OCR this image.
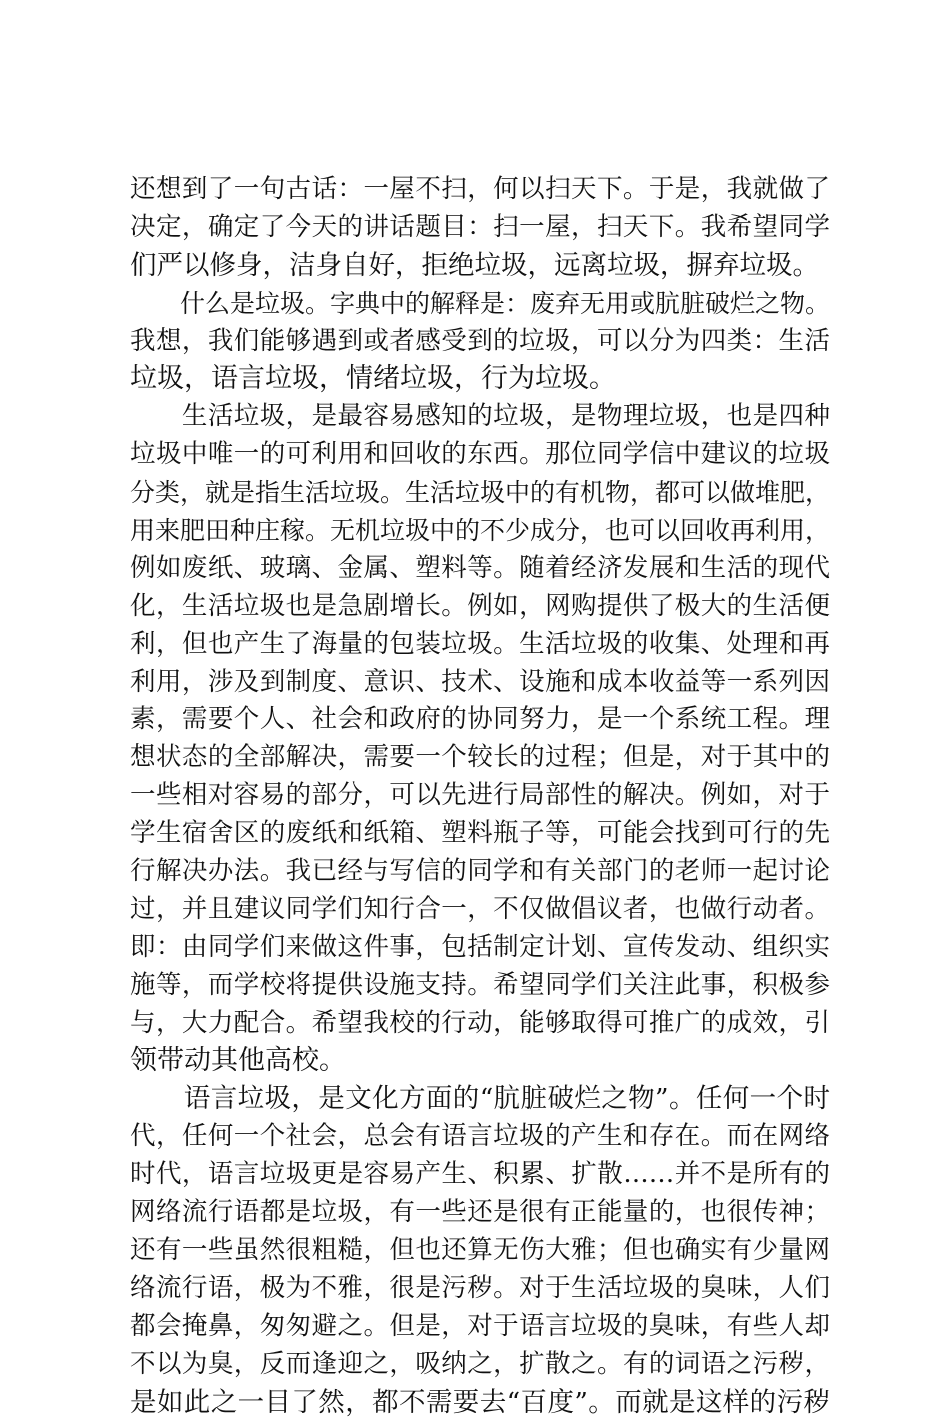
还想到了一句古话：一屋不扫，何以扫天下。于是，我就做了
决定，确定了今天的讲话题目：扫一屋，扫天下。我希望同学
们严以修身，洁身自好，拒绝垃圾，远离垃圾，摒弃垃圾。
　　什么是垃圾。字典中的解释是：废弃无用或肮脏破烂之物。
我想，我们能够遇到或者感受到的垃圾，可以分为四类：生活
垃圾，语言垃圾，情绪垃圾，行为垃圾。
　　生活垃圾，是最容易感知的垃圾，是物理垃圾，也是四种
垃圾中唯一的可利用和回收的东西。那位同学信中建议的垃圾
分类，就是指生活垃圾。生活垃圾中的有机物，都可以做堆肥，
用来肥田种庄稼。无机垃圾中的不少成分，也可以回收再利用，
例如废纸、玻璃、金属、塑料等。随着经济发展和生活的现代
化，生活垃圾也是急剧增长。例如，网购提供了极大的生活便
利，但也产生了海量的包装垃圾。生活垃圾的收集、处理和再
利用，涉及到制度、意识、技术、设施和成本收益等一系列因
素，需要个人、社会和政府的协同努力，是一个系统工程。理
想状态的全部解决，需要一个较长的过程；但是，对于其中的
一些相对容易的部分，可以先进行局部性的解决。例如，对于
学生宿舍区的废纸和纸箱、塑料瓶子等，可能会找到可行的先
行解决办法。我已经与写信的同学和有关部门的老师一起讨论
过，并且建议同学们知行合一，不仅做倡议者，也做行动者。
即：由同学们来做这件事，包括制定计划、宣传发动、组织实
施等，而学校将提供设施支持。希望同学们关注此事，积极参
与，大力配合。希望我校的行动，能够取得可推广的成效，引
领带动其他高校。
　　语言垃圾，是文化方面的“肮脏破烂之物”。任何一个时
代，任何一个社会，总会有语言垃圾的产生和存在。而在网络
时代，语言垃圾更是容易产生、积累、扩散……并不是所有的
网络流行语都是垃圾，有一些还是很有正能量的，也很传神；
还有一些虽然很粗糙，但也还算无伤大雅；但也确实有少量网
络流行语，极为不雅，很是污秽。对于生活垃圾的臭味，人们
都会掩鼻，匆匆避之。但是，对于语言垃圾的臭味，有些人却
不以为臭，反而逢迎之，吸纳之，扩散之。有的词语之污秽，
是如此之一目了然，都不需要去“百度”。而就是这样的污秽
